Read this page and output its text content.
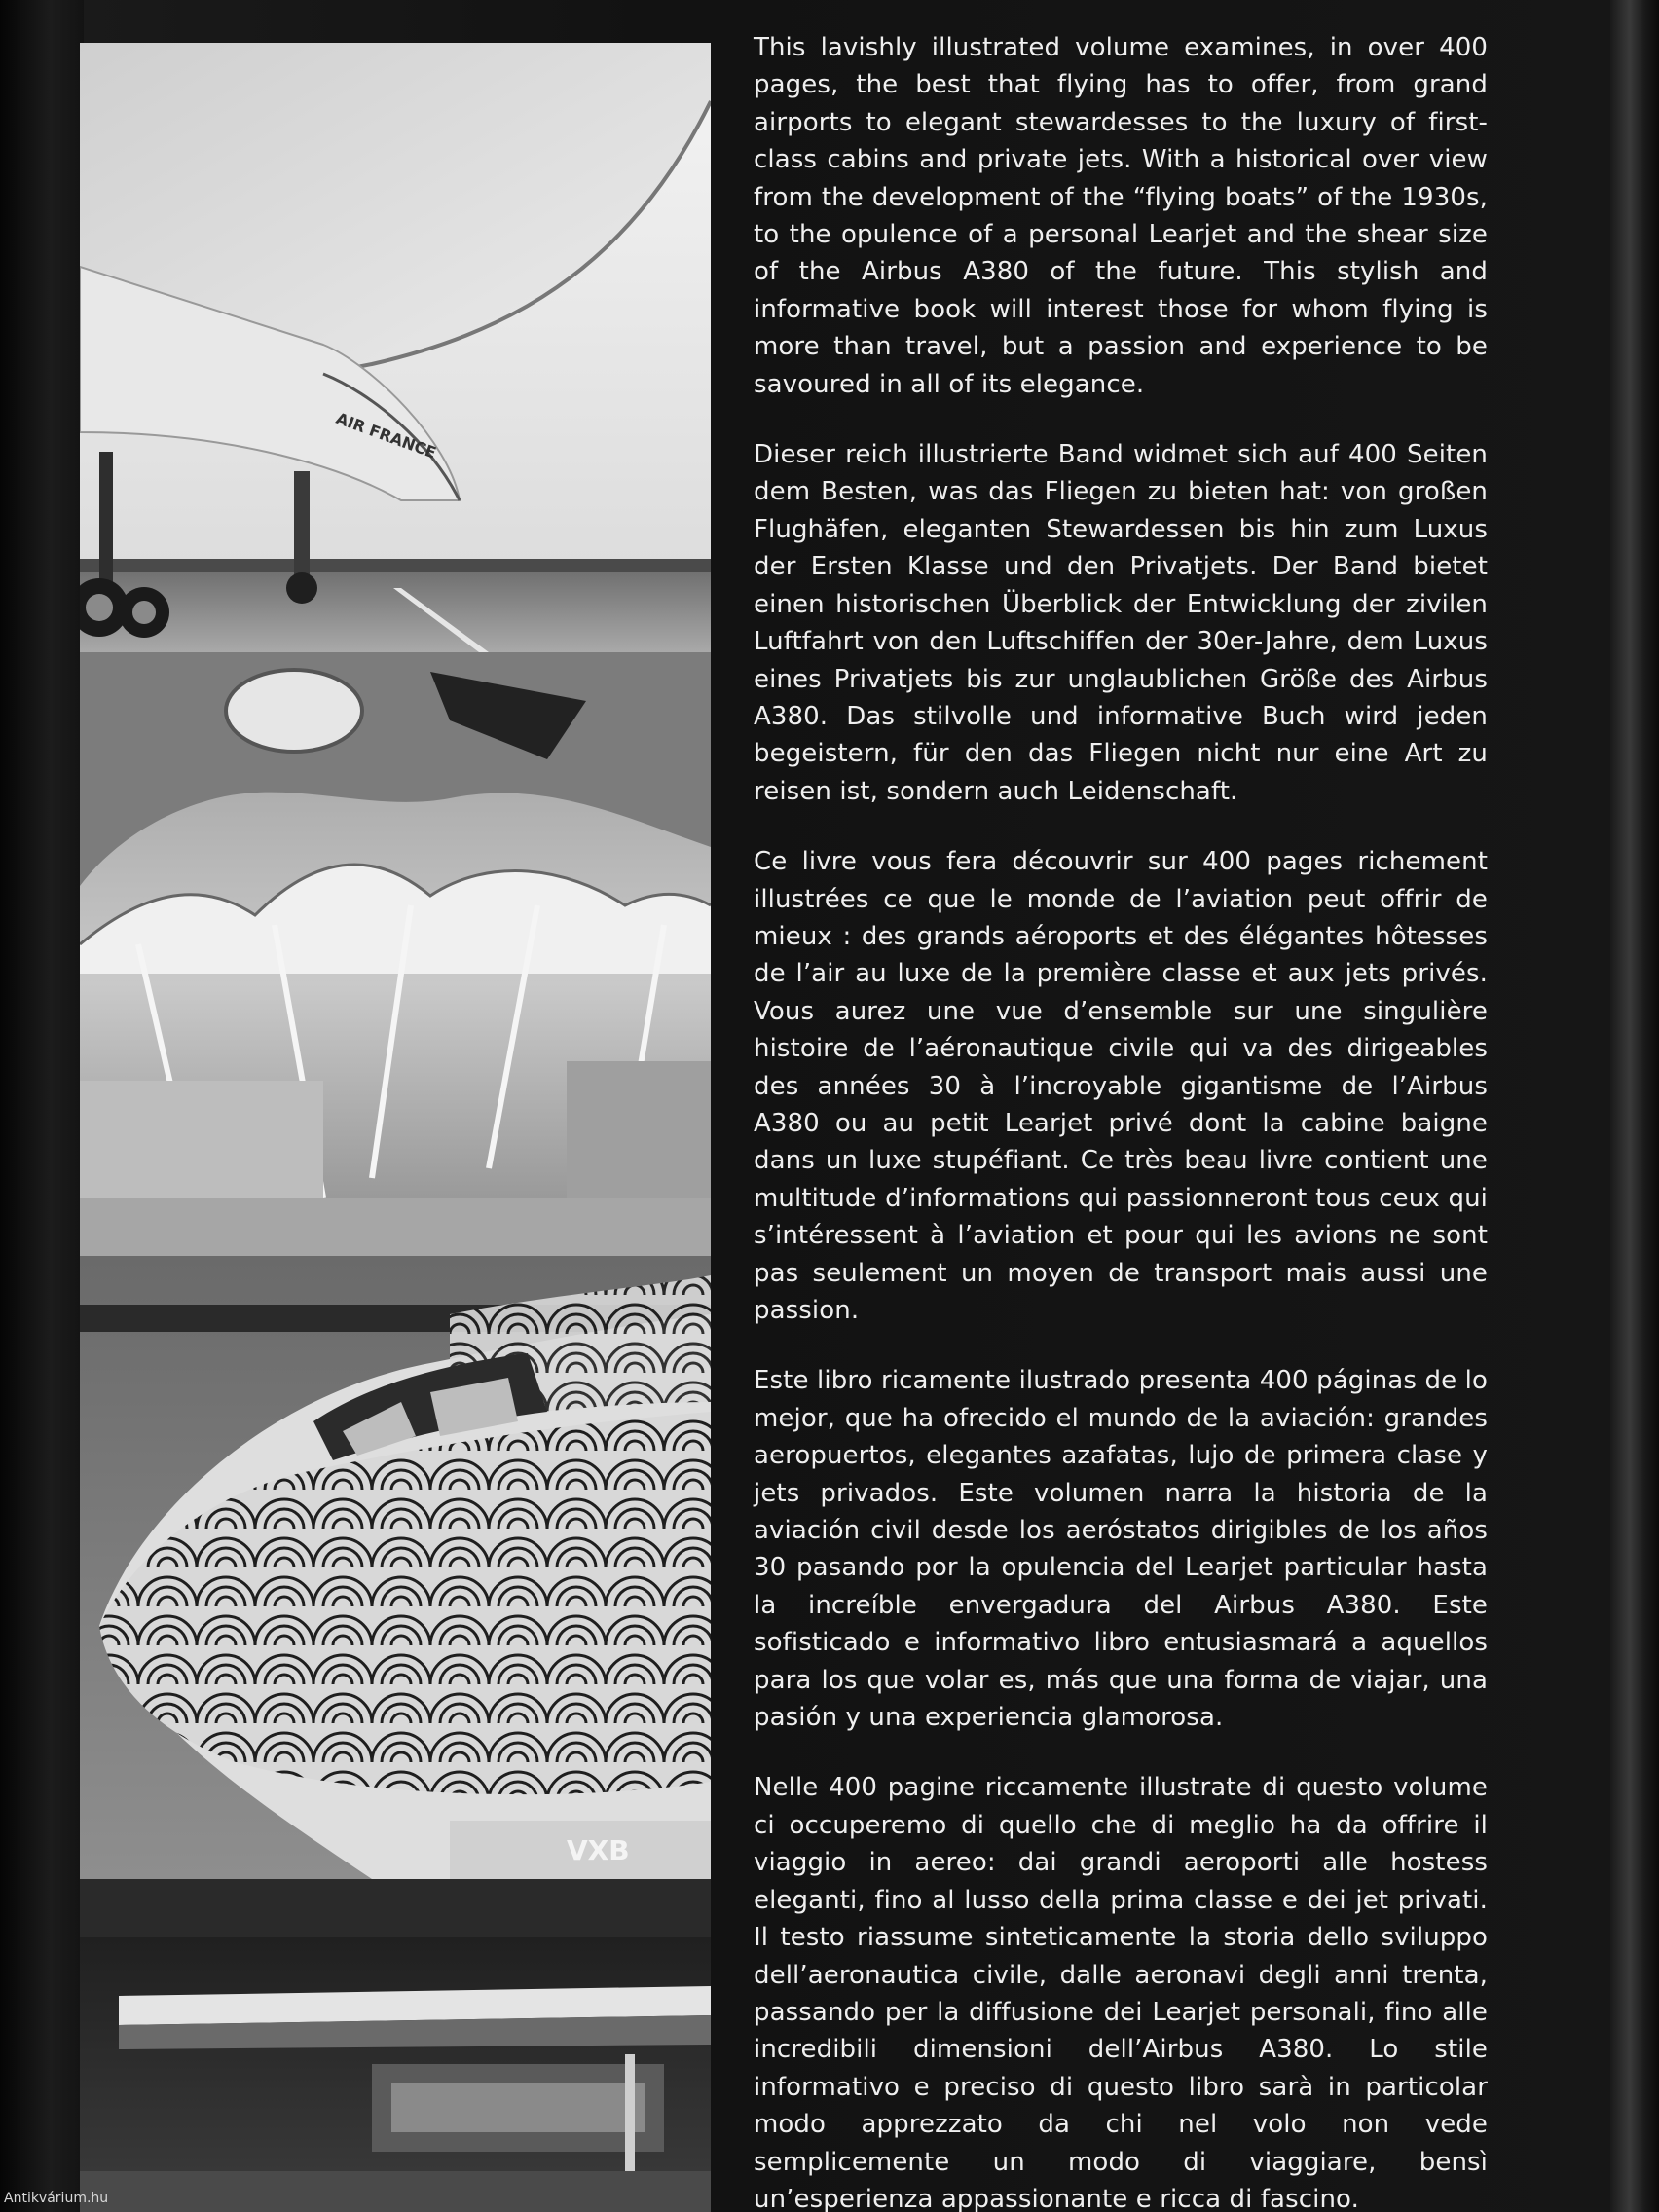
AIR FRANCE
VXB

This lavishly illustrated volume examines, in over 400 pages, the best that flying has to offer, from grand airports to elegant stewardesses to the luxury of first-class cabins and private jets. With a historical over view from the development of the “flying boats” of the 1930s, to the opulence of a personal Learjet and the shear size of the Airbus A380 of the future. This stylish and informative book will interest those for whom flying is more than travel, but a passion and experience to be savoured in all of its elegance.

Dieser reich illustrierte Band widmet sich auf 400 Seiten dem Besten, was das Fliegen zu bieten hat: von großen Flughäfen, eleganten Stewardessen bis hin zum Luxus der Ersten Klasse und den Privatjets. Der Band bietet einen historischen Überblick der Entwicklung der zivilen Luftfahrt von den Luftschiffen der 30er-Jahre, dem Luxus eines Privatjets bis zur unglaublichen Größe des Airbus A380. Das stilvolle und informative Buch wird jeden begeistern, für den das Fliegen nicht nur eine Art zu reisen ist, sondern auch Leidenschaft.

Ce livre vous fera découvrir sur 400 pages richement illustrées ce que le monde de l’aviation peut offrir de mieux : des grands aéroports et des élégantes hôtesses de l’air au luxe de la première classe et aux jets privés. Vous aurez une vue d’ensemble sur une singulière histoire de l’aéronautique civile qui va des dirigeables des années 30 à l’incroyable gigantisme de l’Airbus A380 ou au petit Learjet privé dont la cabine baigne dans un luxe stupéfiant. Ce très beau livre contient une multitude d’informations qui passionneront tous ceux qui s’intéressent à l’aviation et pour qui les avions ne sont pas seulement un moyen de transport mais aussi une passion.

Este libro ricamente ilustrado presenta 400 páginas de lo mejor, que ha ofrecido el mundo de la aviación: grandes aeropuertos, elegantes azafatas, lujo de primera clase y jets privados. Este volumen narra la historia de la aviación civil desde los aeróstatos dirigibles de los años 30 pasando por la opulencia del Learjet particular hasta la increíble envergadura del Airbus A380. Este sofisticado e informativo libro entusiasmará a aquellos para los que volar es, más que una forma de viajar, una pasión y una experiencia glamorosa.

Nelle 400 pagine riccamente illustrate di questo volume ci occuperemo di quello che di meglio ha da offrire il viaggio in aereo: dai grandi aeroporti alle hostess eleganti, fino al lusso della prima classe e dei jet privati. Il testo riassume sinteticamente la storia dello sviluppo dell’aeronautica civile, dalle aeronavi degli anni trenta, passando per la diffusione dei Learjet personali, fino alle incredibili dimensioni dell’Airbus A380. Lo stile informativo e preciso di questo libro sarà in particolar modo apprezzato da chi nel volo non vede semplicemente un modo di viaggiare, bensì un’esperienza appassionante e ricca di fascino.

Antikvárium.hu
